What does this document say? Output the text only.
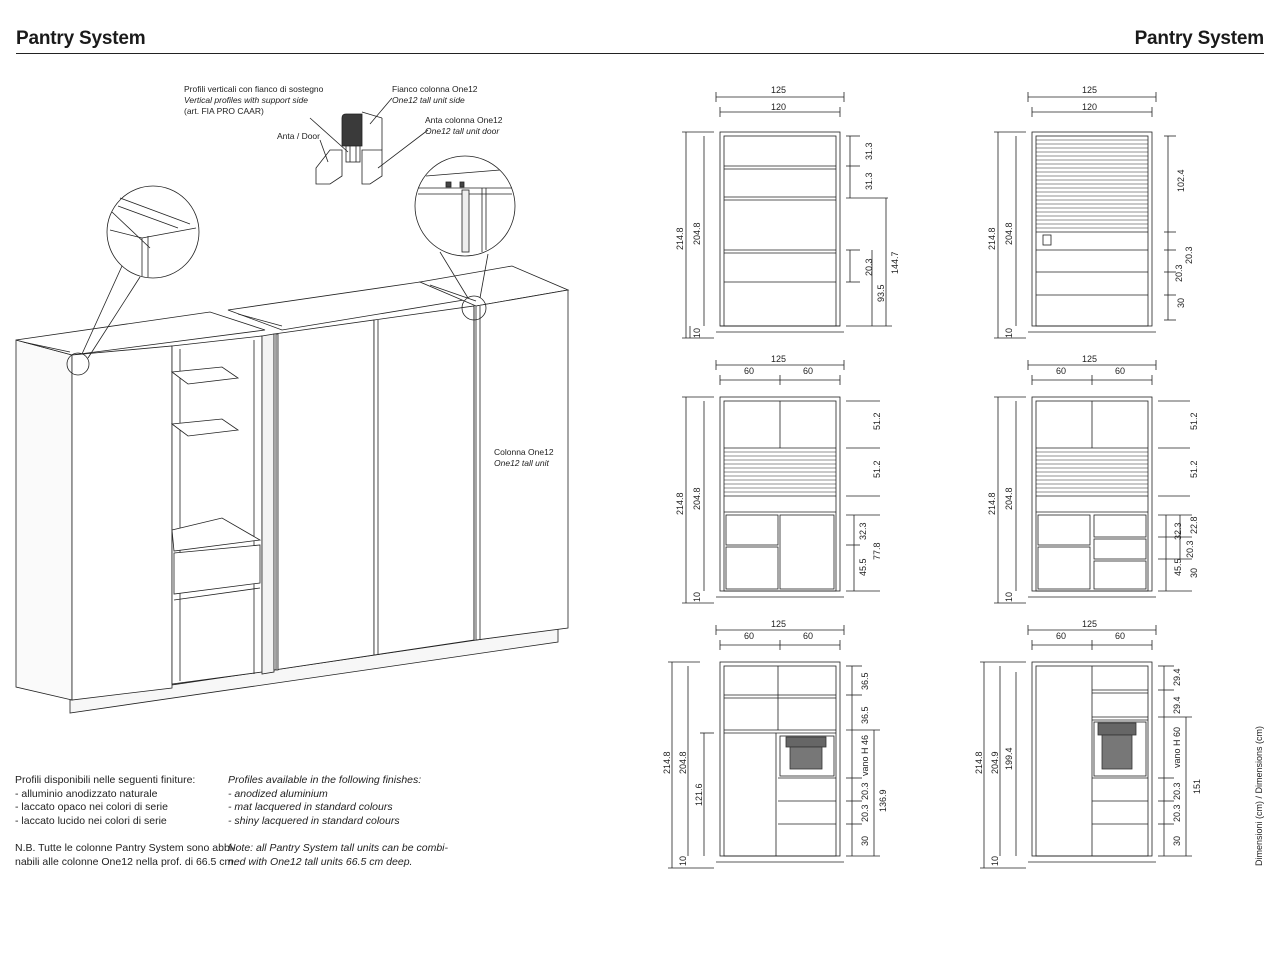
Pantry System	Pantry System
Profili verticali con fianco di sostegno
Vertical profiles with support side
(art. FIA PRO CAAR)
Fianco colonna One12
One12 tall unit side
Anta / Door
Anta colonna One12
One12 tall unit door
Colonna One12
One12 tall unit
125
120
214.8 204.8
10
31.3
31.3
20.3
93.5
144.7
125
120
214.8 204.8
10
102.4
20.3
20.3
30
125
60	60
214.8 204.8
10
51.2
51.2
32.3
45.5
77.8
125
60	60
214.8 204.8
10
51.2
51.2
32.3 22.8
20.3
45.5 30
125
60	60
214.8 204.8
121.6
10
36.5
36.5
vano H 46
20.3
20.3
30
136.9
125
60	60
214.8 204.9 199.4
10
29.4
29.4
vano H 60
20.3
20.3
30
151	Dimensioni (cm) / Dimensions (cm)
Profili disponibili nelle seguenti finiture:
- alluminio anodizzato naturale
- laccato opaco nei colori di serie
- laccato lucido nei colori di serie
Profiles available in the following finishes:
- anodized aluminium
- mat lacquered in standard colours
- shiny lacquered in standard colours
N.B. Tutte le colonne Pantry System sono abbi-
nabili alle colonne One12 nella prof. di 66.5 cm.
Note: all Pantry System tall units can be combi-
ned with One12 tall units 66.5 cm deep.
